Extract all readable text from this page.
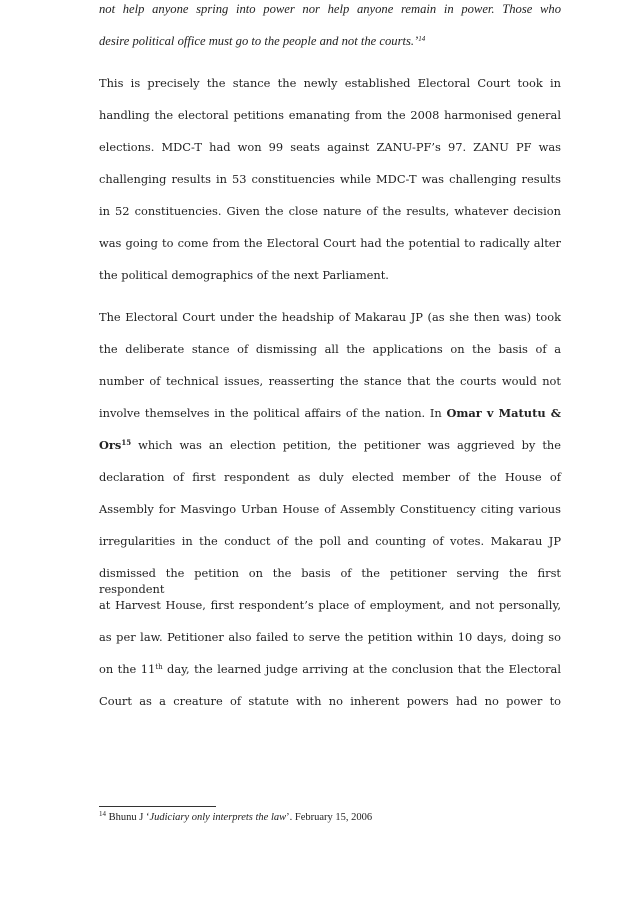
not help anyone spring into power nor help anyone remain in power. Those who
desire political office must go to the people and not the courts.’$^{14}$
This is precisely the stance the newly established Electoral Court took in
handling the electoral petitions emanating from the 2008 harmonised general
elections. MDC-T had won 99 seats against ZANU-PF’s 97. ZANU PF was
challenging results in 53 constituencies while MDC-T was challenging results
in 52 constituencies. Given the close nature of the results, whatever decision
was going to come from the Electoral Court had the potential to radically alter
the political demographics of the next Parliament.
The Electoral Court under the headship of Makarau JP (as she then was) took
the deliberate stance of dismissing all the applications on the basis of a
number of technical issues, reasserting the stance that the courts would not
involve themselves in the political affairs of the nation. In Omar v Matutu &
Ors$^{15}$ which was an election petition, the petitioner was aggrieved by the
declaration of first respondent as duly elected member of the House of
Assembly for Masvingo Urban House of Assembly Constituency citing various
irregularities in the conduct of the poll and counting of votes. Makarau JP
dismissed the petition on the basis of the petitioner serving the first respondent
at Harvest House, first respondent’s place of employment, and not personally,
as per law. Petitioner also failed to serve the petition within 10 days, doing so
on the 11th day, the learned judge arriving at the conclusion that the Electoral
Court as a creature of statute with no inherent powers had no power to
$^{14}$ Bhunu J ‘Judiciary only interprets the law’. February 15, 2006
